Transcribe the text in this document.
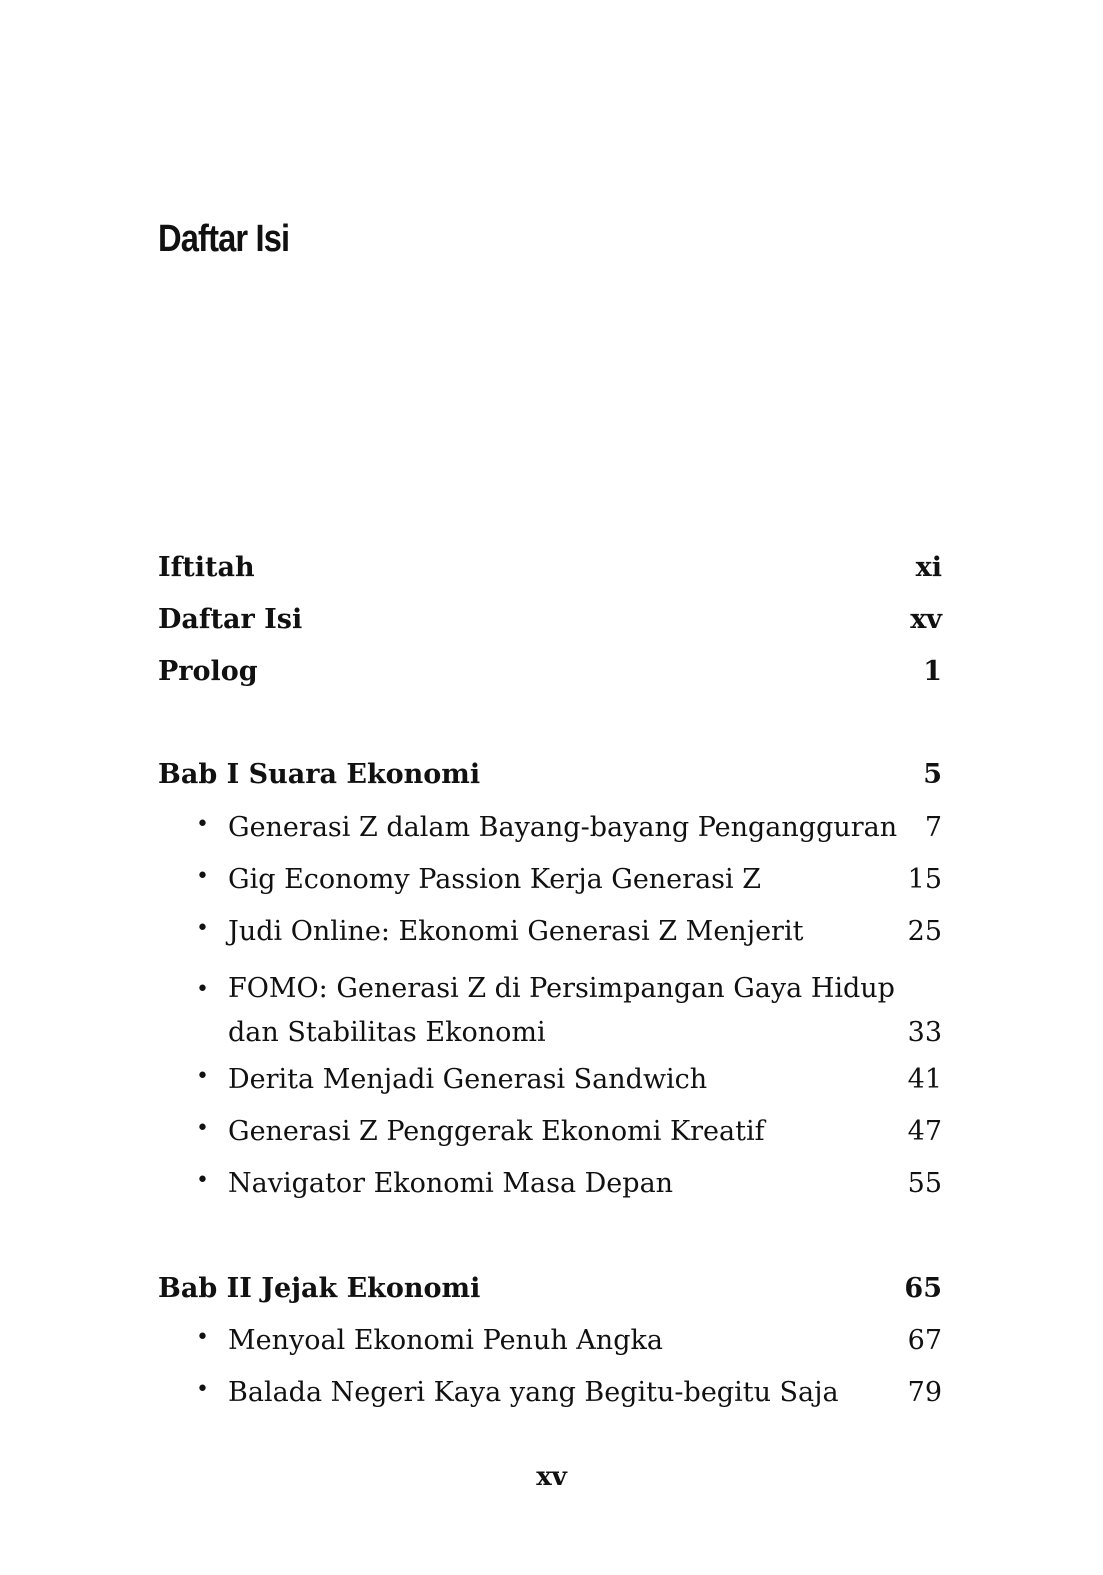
Daftar Isi
Iftitah	xi
Daftar Isi	xv
Prolog	1
Bab I Suara Ekonomi	5
• Generasi Z dalam Bayang-bayang Pengangguran	7
• Gig Economy Passion Kerja Generasi Z	15
• Judi Online: Ekonomi Generasi Z Menjerit	25
• FOMO: Generasi Z di Persimpangan Gaya Hidup
dan Stabilitas Ekonomi	33
• Derita Menjadi Generasi Sandwich	41
• Generasi Z Penggerak Ekonomi Kreatif	47
• Navigator Ekonomi Masa Depan	55
Bab II Jejak Ekonomi	65
• Menyoal Ekonomi Penuh Angka	67
• Balada Negeri Kaya yang Begitu-begitu Saja	79
xv
